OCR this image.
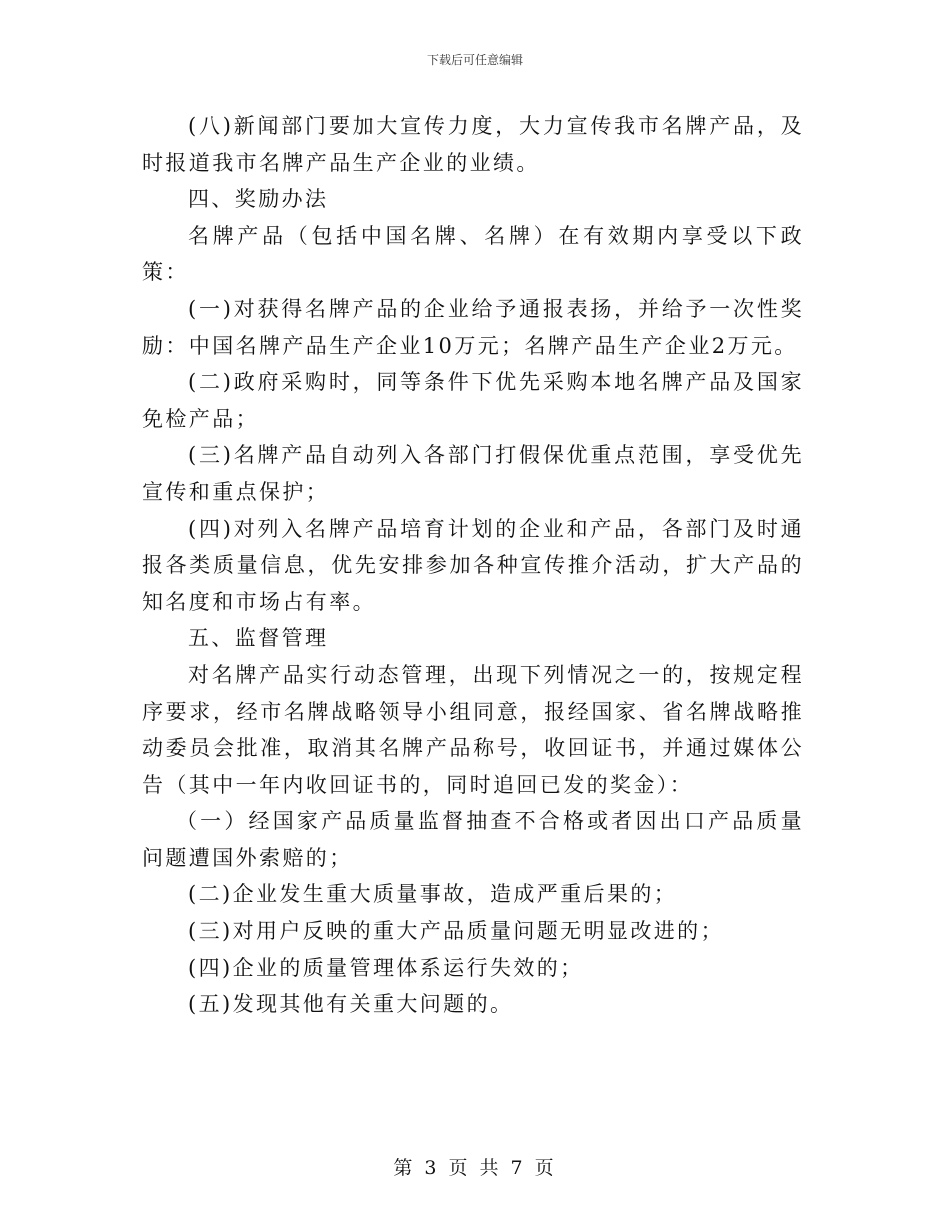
下载后可任意编辑

(八)新闻部门要加大宣传力度，大力宣传我市名牌产品，及时报道我市名牌产品生产企业的业绩。

四、奖励办法

名牌产品（包括中国名牌、名牌）在有效期内享受以下政策：

(一)对获得名牌产品的企业给予通报表扬，并给予一次性奖励：中国名牌产品生产企业10万元；名牌产品生产企业2万元。

(二)政府采购时，同等条件下优先采购本地名牌产品及国家免检产品；

(三)名牌产品自动列入各部门打假保优重点范围，享受优先宣传和重点保护；

(四)对列入名牌产品培育计划的企业和产品，各部门及时通报各类质量信息，优先安排参加各种宣传推介活动，扩大产品的知名度和市场占有率。

五、监督管理

对名牌产品实行动态管理，出现下列情况之一的，按规定程序要求，经市名牌战略领导小组同意，报经国家、省名牌战略推动委员会批准，取消其名牌产品称号，收回证书，并通过媒体公告（其中一年内收回证书的，同时追回已发的奖金）：

（一）经国家产品质量监督抽查不合格或者因出口产品质量问题遭国外索赔的；

(二)企业发生重大质量事故，造成严重后果的；

(三)对用户反映的重大产品质量问题无明显改进的；

(四)企业的质量管理体系运行失效的；

(五)发现其他有关重大问题的。

第 3 页 共 7 页
